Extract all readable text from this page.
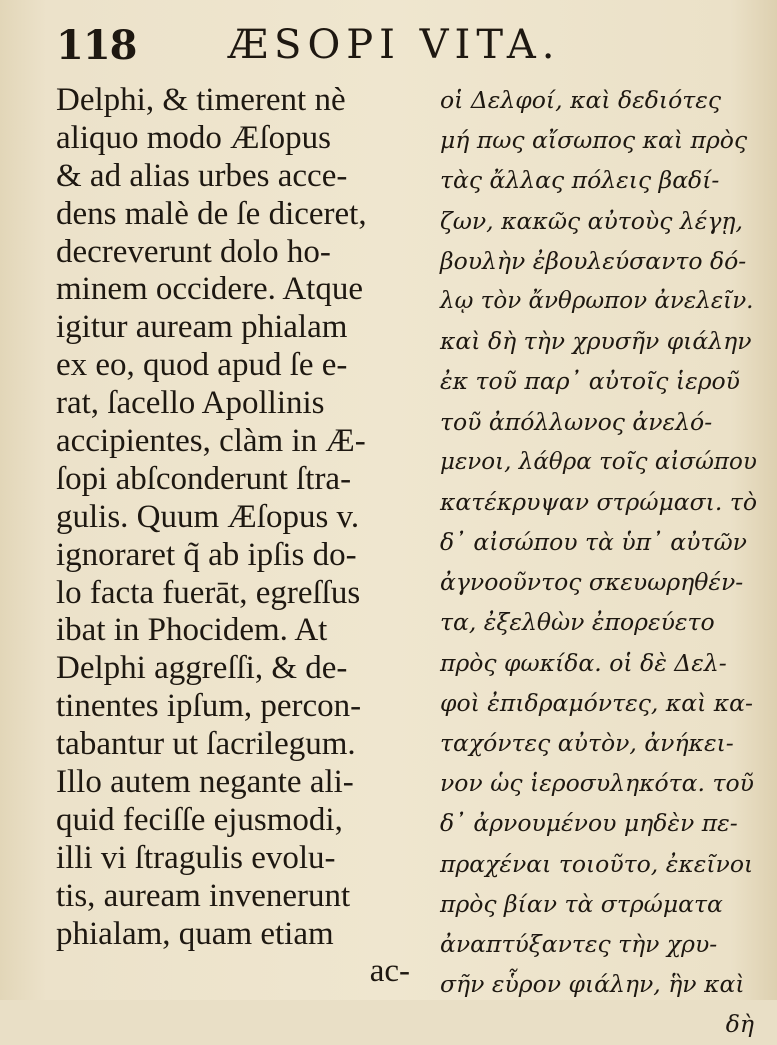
118 ÆSOPI VITA.
Delphi, & timerent nè
aliquo modo Æſopus
& ad alias urbes acce-
dens malè de ſe diceret,
decreverunt dolo ho-
minem occidere. Atque
igitur auream phialam
ex eo, quod apud ſe e-
rat, ſacello Apollinis
accipientes, clàm in Æ-
ſopi abſconderunt ſtra-
gulis. Quum Æſopus v.
ignoraret q̃ ab ipſis do-
lo facta fuerāt, egreſſus
ibat in Phocidem. At
Delphi aggreſſi, & de-
tinentes ipſum, percon-
tabantur ut ſacrilegum.
Illo autem negante ali-
quid feciſſe ejusmodi,
illi vi ſtragulis evolu-
tis, auream invenerunt
phialam, quam etiam
ac-
οἱ Δελφοί, καὶ δεδιότες
μή πως αἴσωπος καὶ πρὸς
τὰς ἄλλας πόλεις βαδί-
ζων, κακῶς αὐτοὺς λέγῃ,
βουλὴν ἐβουλεύσαντο δό-
λῳ τὸν ἄνθρωπον ἀνελεῖν.
καὶ δὴ τὴν χρυσῆν φιάλην
ἐκ τοῦ παρ᾽ αὐτοῖς ἱεροῦ
τοῦ ἀπόλλωνος ἀνελό-
μενοι, λάθρα τοῖς αἰσώπου
κατέκρυψαν στρώμασι. τὸ
δ᾽ αἰσώπου τὰ ὑπ᾽ αὐτῶν
ἀγνοοῦντος σκευωρηθέν-
τα, ἐξελθὼν ἐπορεύετο
πρὸς φωκίδα. οἱ δὲ Δελ-
φοὶ ἐπιδραμόντες, καὶ κα-
ταχόντες αὐτὸν, ἀνήκει-
νον ὡς ἱεροσυληκότα. τοῦ
δ᾽ ἀρνουμένου μηδὲν πε-
πραχέναι τοιοῦτο, ἐκεῖνοι
πρὸς βίαν τὰ στρώματα
ἀναπτύξαντες τὴν χρυ-
σῆν εὗρον φιάλην, ἣν καὶ
δὴ
